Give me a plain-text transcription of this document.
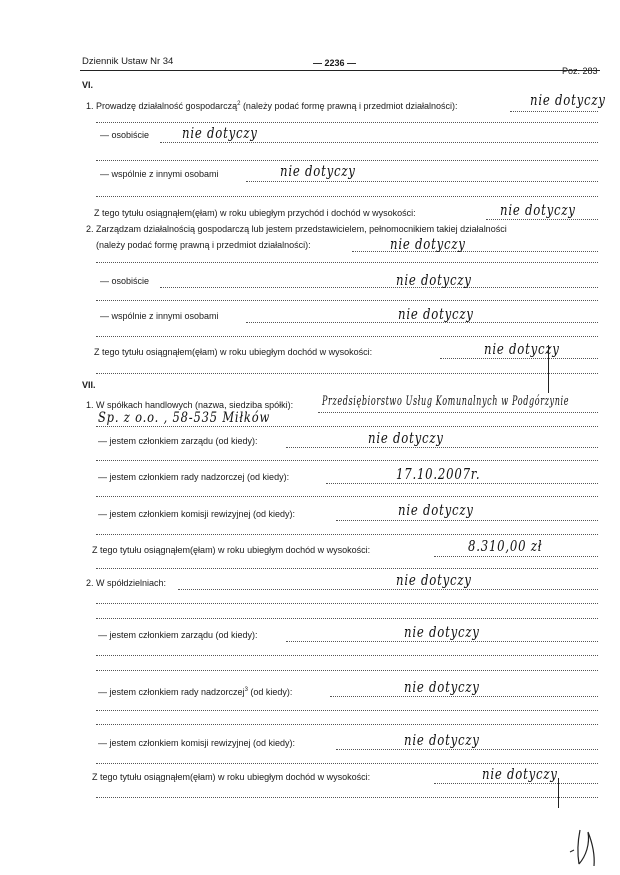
Dziennik Ustaw Nr 34	— 2236 —
Poz. 283
VI.
1. Prowadzę działalność gospodarczą$^2$ (należy podać formę prawną i przedmiot działalności):	nie dotyczy
— osobiście nie dotyczy
— wspólnie z innymi osobami	nie dotyczy
Z tego tytułu osiągnąłem(ęłam) w roku ubiegłym przychód i dochód w wysokości:	nie dotyczy
2. Zarządzam działalnością gospodarczą lub jestem przedstawicielem, pełnomocnikiem takiej działalności
(należy podać formę prawną i przedmiot działalności):	nie dotyczy
— osobiście	nie dotyczy
— wspólnie z innymi osobami	nie dotyczy
Z tego tytułu osiągnąłem(ęłam) w roku ubiegłym dochód w wysokości:	nie dotyczy
VII.
1. W spółkach handlowych (nazwa, siedziba spółki): Przedsiębiorstwo Usług Komunalnych w Podgórzynie
Sp. z o.o. , 58-535 Miłków
— jestem członkiem zarządu (od kiedy):	nie dotyczy
— jestem członkiem rady nadzorczej (od kiedy):	17.10.2007r.
— jestem członkiem komisji rewizyjnej (od kiedy):	nie dotyczy
Z tego tytułu osiągnąłem(ęłam) w roku ubiegłym dochód w wysokości:	8.310,00 zł
2. W spółdzielniach:	nie dotyczy
— jestem członkiem zarządu (od kiedy):	nie dotyczy
— jestem członkiem rady nadzorczej$^3$ (od kiedy):	nie dotyczy
— jestem członkiem komisji rewizyjnej (od kiedy):	nie dotyczy
Z tego tytułu osiągnąłem(ęłam) w roku ubiegłym dochód w wysokości:	nie dotyczy
